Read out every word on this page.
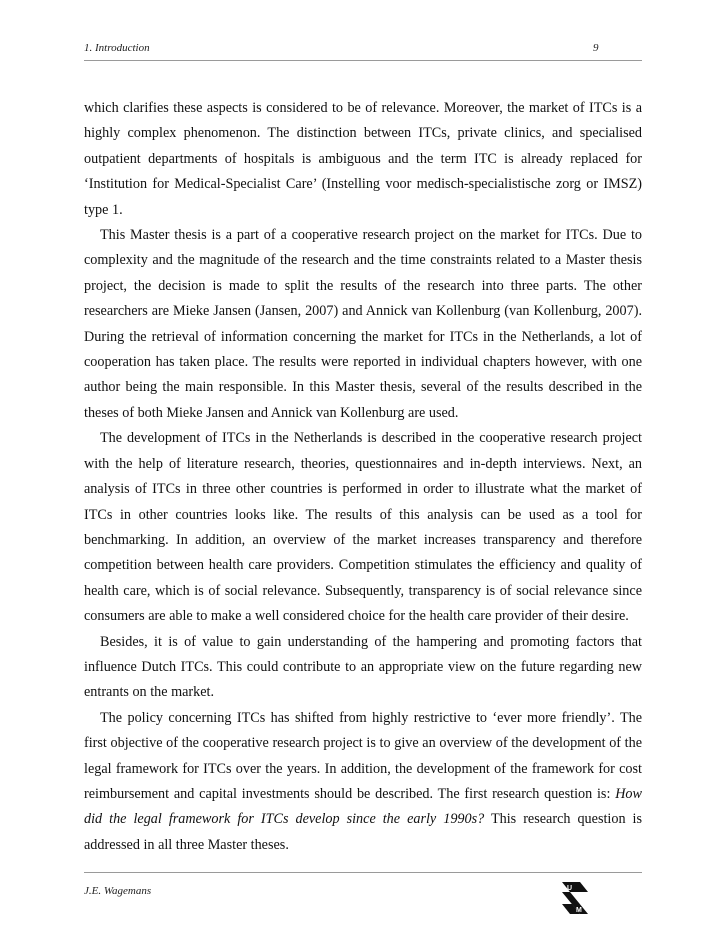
1. Introduction	9

which clarifies these aspects is considered to be of relevance. Moreover, the market of ITCs is a highly complex phenomenon. The distinction between ITCs, private clinics, and specialised outpatient departments of hospitals is ambiguous and the term ITC is already replaced for ‘Institution for Medical-Specialist Care’ (Instelling voor medisch-specialistische zorg or IMSZ) type 1.

This Master thesis is a part of a cooperative research project on the market for ITCs. Due to complexity and the magnitude of the research and the time constraints related to a Master thesis project, the decision is made to split the results of the research into three parts. The other researchers are Mieke Jansen (Jansen, 2007) and Annick van Kollenburg (van Kollenburg, 2007). During the retrieval of information concerning the market for ITCs in the Netherlands, a lot of cooperation has taken place. The results were reported in individual chapters however, with one author being the main responsible. In this Master thesis, several of the results described in the theses of both Mieke Jansen and Annick van Kollenburg are used.

The development of ITCs in the Netherlands is described in the cooperative research project with the help of literature research, theories, questionnaires and in-depth interviews. Next, an analysis of ITCs in three other countries is performed in order to illustrate what the market of ITCs in other countries looks like. The results of this analysis can be used as a tool for benchmarking. In addition, an overview of the market increases transparency and therefore competition between health care providers. Competition stimulates the efficiency and quality of health care, which is of social relevance. Subsequently, transparency is of social relevance since consumers are able to make a well considered choice for the health care provider of their desire.

Besides, it is of value to gain understanding of the hampering and promoting factors that influence Dutch ITCs. This could contribute to an appropriate view on the future regarding new entrants on the market.

The policy concerning ITCs has shifted from highly restrictive to ‘ever more friendly’. The first objective of the cooperative research project is to give an overview of the development of the legal framework for ITCs over the years. In addition, the development of the framework for cost reimbursement and capital investments should be described. The first research question is: How did the legal framework for ITCs develop since the early 1990s? This research question is addressed in all three Master theses.

J.E. Wagemans	U
M
